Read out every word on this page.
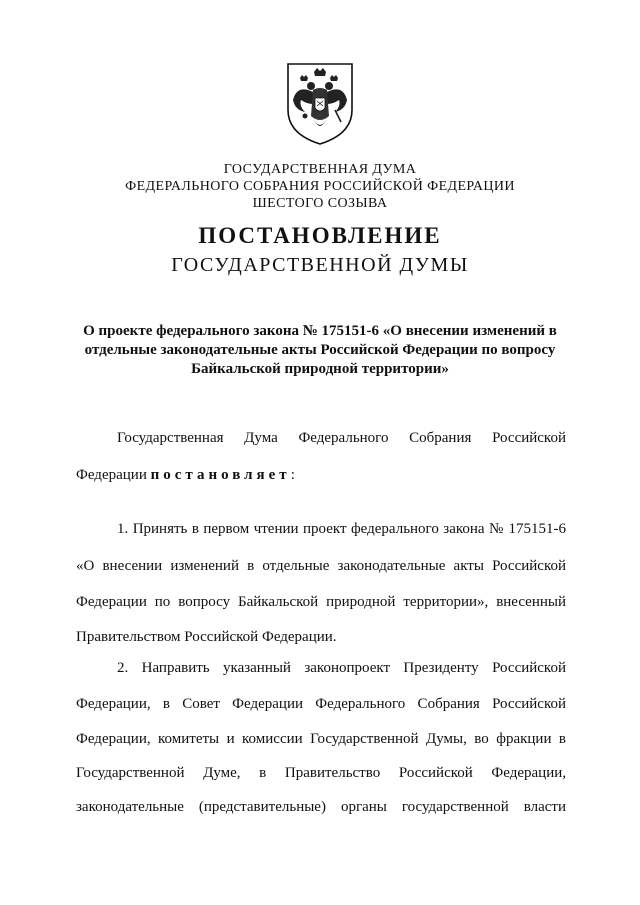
ГОСУДАРСТВЕННАЯ ДУМА
ФЕДЕРАЛЬНОГО СОБРАНИЯ РОССИЙСКОЙ ФЕДЕРАЦИИ
ШЕСТОГО СОЗЫВА
ПОСТАНОВЛЕНИЕ
ГОСУДАРСТВЕННОЙ ДУМЫ
О проекте федерального закона № 175151-6 «О внесении изменений в
отдельные законодательные акты Российской Федерации по вопросу
Байкальской природной территории»
Государственная Дума Федерального Собрания Российской
Федерации постановляет:
1. Принять в первом чтении проект федерального закона № 175151-6
«О внесении изменений в отдельные законодательные акты Российской
Федерации по вопросу Байкальской природной территории», внесенный
Правительством Российской Федерации.
2. Направить указанный законопроект Президенту Российской
Федерации, в Совет Федерации Федерального Собрания Российской
Федерации, комитеты и комиссии Государственной Думы, во фракции в
Государственной Думе, в Правительство Российской Федерации,
законодательные (представительные) органы государственной власти
